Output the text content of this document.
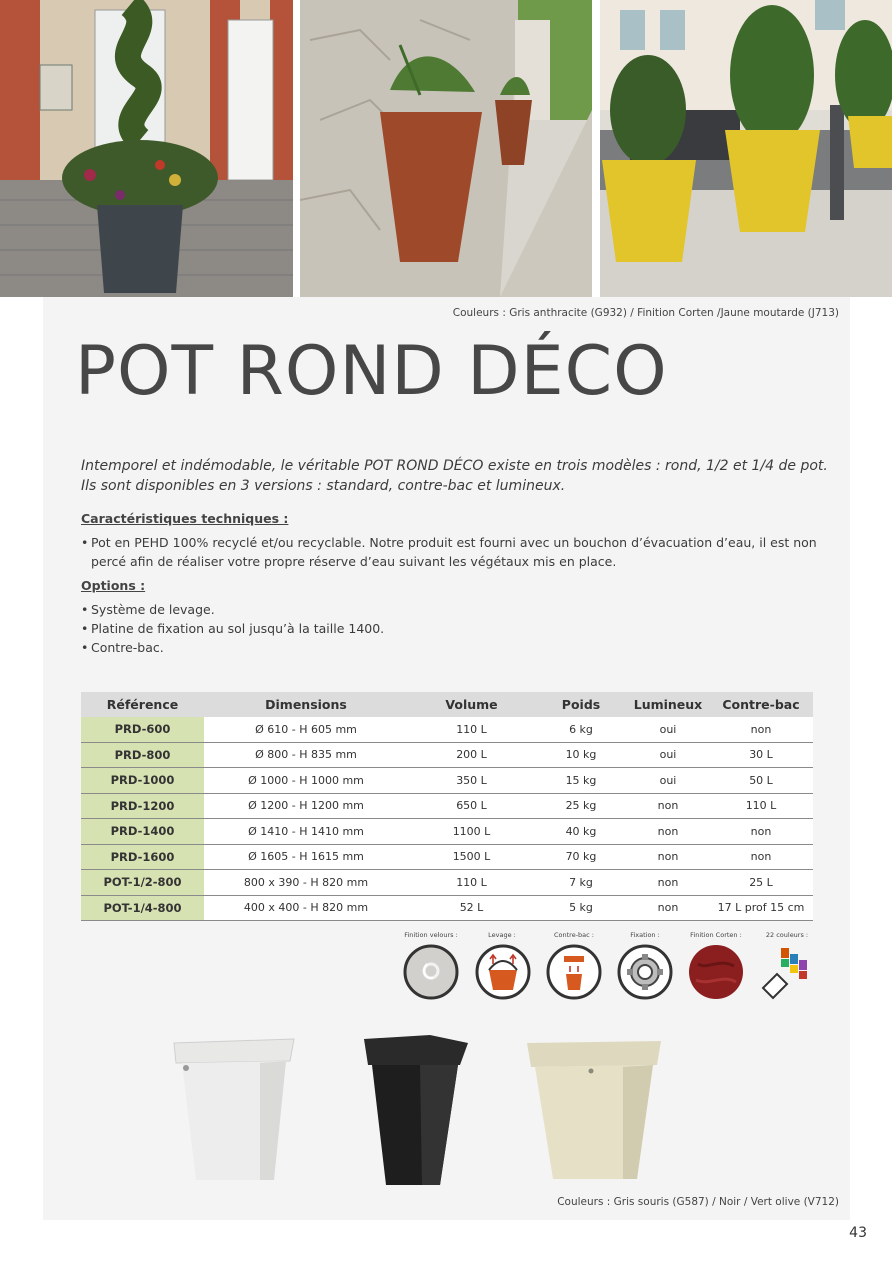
Couleurs : Gris anthracite (G932) / Finition Corten /Jaune moutarde (J713)
POT ROND DÉCO
Intemporel et indémodable, le véritable POT ROND DÉCO existe en trois modèles : rond, 1/2 et 1/4 de pot.
Ils sont disponibles en 3 versions : standard, contre-bac et lumineux.
Caractéristiques techniques :
• Pot en PEHD 100% recyclé et/ou recyclable. Notre produit est fourni avec un bouchon d’évacuation d’eau, il est non
percé afin de réaliser votre propre réserve d’eau suivant les végétaux mis en place.
Options :
• Système de levage.
• Platine de fixation au sol jusqu’à la taille 1400.
• Contre-bac.
Référence	Dimensions	Volume	Poids	Lumineux	Contre-bac
PRD-600	Ø 610 - H 605 mm	110 L	6 kg	oui	non
PRD-800	Ø 800 - H 835 mm	200 L	10 kg	oui	30 L
PRD-1000	Ø 1000 - H 1000 mm	350 L	15 kg	oui	50 L
PRD-1200	Ø 1200 - H 1200 mm	650 L	25 kg	non	110 L
PRD-1400	Ø 1410 - H 1410 mm	1100 L	40 kg	non	non
PRD-1600	Ø 1605 - H 1615 mm	1500 L	70 kg	non	non
POT-1/2-800	800 x 390 - H 820 mm	110 L	7 kg	non	25 L
POT-1/4-800	400 x 400 - H 820 mm	52 L	5 kg	non	17 L prof 15 cm
Finition velours :	Levage :	Contre-bac :	Fixation :	Finition Corten :	22 couleurs :
Couleurs : Gris souris (G587) / Noir / Vert olive (V712)
43
